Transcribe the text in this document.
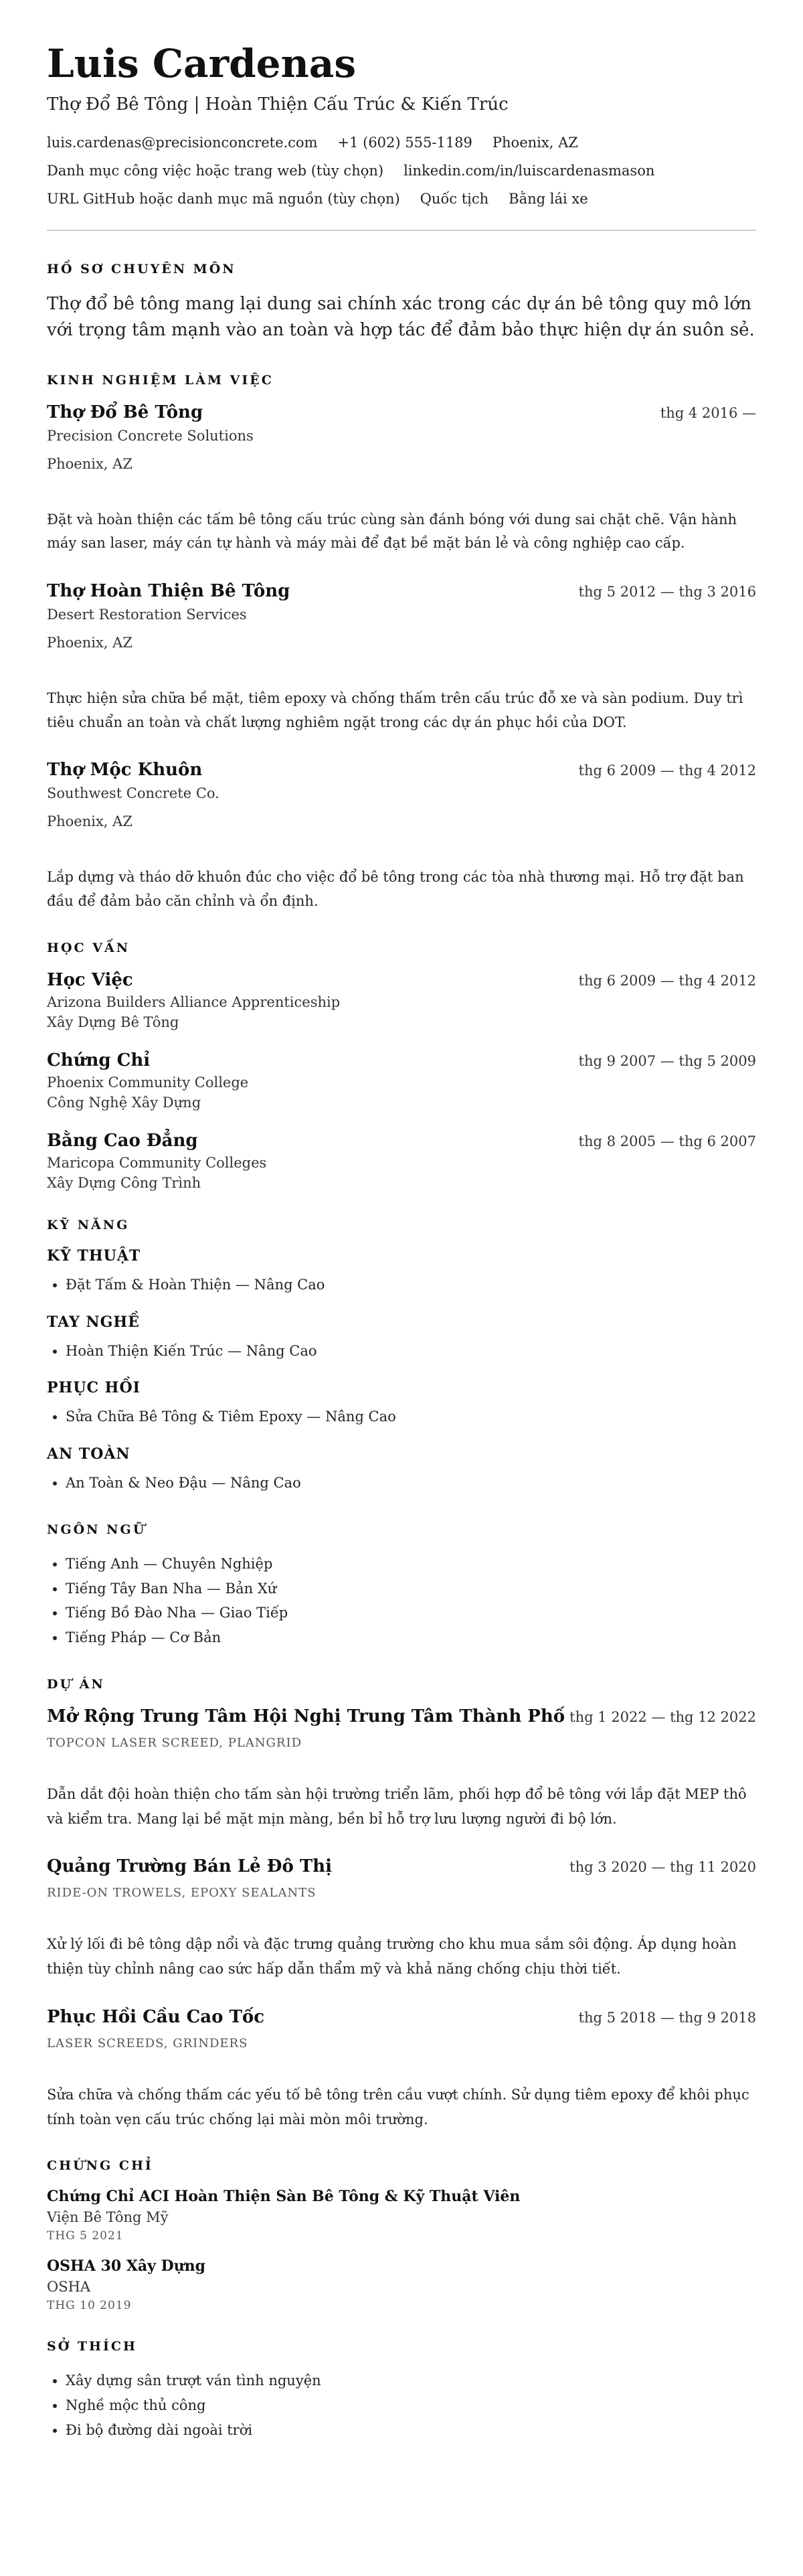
Luis Cardenas
Thợ Đổ Bê Tông | Hoàn Thiện Cấu Trúc & Kiến Trúc
luis.cardenas@precisionconcrete.com +1 (602) 555-1189 Phoenix, AZ
Danh mục công việc hoặc trang web (tùy chọn) linkedin.com/in/luiscardenasmason
URL GitHub hoặc danh mục mã nguồn (tùy chọn) Quốc tịch Bằng lái xe
HỒ SƠ CHUYÊN MÔN

Thợ đổ bê tông mang lại dung sai chính xác trong các dự án bê tông quy mô lớn với trọng tâm mạnh vào an toàn và hợp tác để đảm bảo thực hiện dự án suôn sẻ.

KINH NGHIỆM LÀM VIỆC
Thợ Đổ Bê Tông	thg 4 2016 —
Precision Concrete Solutions
Phoenix, AZ
Đặt và hoàn thiện các tấm bê tông cấu trúc cùng sàn đánh bóng với dung sai chặt chẽ. Vận hành máy san laser, máy cán tự hành và máy mài để đạt bề mặt bán lẻ và công nghiệp cao cấp.
Thợ Hoàn Thiện Bê Tông	thg 5 2012 — thg 3 2016
Desert Restoration Services
Phoenix, AZ
Thực hiện sửa chữa bề mặt, tiêm epoxy và chống thấm trên cấu trúc đỗ xe và sàn podium. Duy trì tiêu chuẩn an toàn và chất lượng nghiêm ngặt trong các dự án phục hồi của DOT.
Thợ Mộc Khuôn	thg 6 2009 — thg 4 2012
Southwest Concrete Co.
Phoenix, AZ
Lắp dựng và tháo dỡ khuôn đúc cho việc đổ bê tông trong các tòa nhà thương mại. Hỗ trợ đặt ban đầu để đảm bảo căn chỉnh và ổn định.
HỌC VẤN
Học Việc	thg 6 2009 — thg 4 2012
Arizona Builders Alliance Apprenticeship
Xây Dựng Bê Tông
Chứng Chỉ	thg 9 2007 — thg 5 2009
Phoenix Community College
Công Nghệ Xây Dựng
Bằng Cao Đẳng	thg 8 2005 — thg 6 2007
Maricopa Community Colleges
Xây Dựng Công Trình
KỸ NĂNG
KỸ THUẬT
• Đặt Tấm & Hoàn Thiện — Nâng Cao
TAY NGHỀ
• Hoàn Thiện Kiến Trúc — Nâng Cao
PHỤC HỒI
• Sửa Chữa Bê Tông & Tiêm Epoxy — Nâng Cao
AN TOÀN
• An Toàn & Neo Đậu — Nâng Cao
NGÔN NGỮ
• Tiếng Anh — Chuyên Nghiệp
• Tiếng Tây Ban Nha — Bản Xứ
• Tiếng Bồ Đào Nha — Giao Tiếp
• Tiếng Pháp — Cơ Bản
DỰ ÁN
Mở Rộng Trung Tâm Hội Nghị Trung Tâm Thành Phố thg 1 2022 — thg 12 2022
TOPCON LASER SCREED, PLANGRID
Dẫn dắt đội hoàn thiện cho tấm sàn hội trường triển lãm, phối hợp đổ bê tông với lắp đặt MEP thô và kiểm tra. Mang lại bề mặt mịn màng, bền bỉ hỗ trợ lưu lượng người đi bộ lớn.
Quảng Trường Bán Lẻ Đô Thị	thg 3 2020 — thg 11 2020
RIDE-ON TROWELS, EPOXY SEALANTS
Xử lý lối đi bê tông dập nổi và đặc trưng quảng trường cho khu mua sắm sôi động. Áp dụng hoàn thiện tùy chỉnh nâng cao sức hấp dẫn thẩm mỹ và khả năng chống chịu thời tiết.
Phục Hồi Cầu Cao Tốc	thg 5 2018 — thg 9 2018
LASER SCREEDS, GRINDERS
Sửa chữa và chống thấm các yếu tố bê tông trên cầu vượt chính. Sử dụng tiêm epoxy để khôi phục tính toàn vẹn cấu trúc chống lại mài mòn môi trường.
CHỨNG CHỈ
Chứng Chỉ ACI Hoàn Thiện Sàn Bê Tông & Kỹ Thuật Viên
Viện Bê Tông Mỹ
THG 5 2021
OSHA 30 Xây Dựng
OSHA
THG 10 2019
SỞ THÍCH
• Xây dựng sân trượt ván tình nguyện
• Nghề mộc thủ công
• Đi bộ đường dài ngoài trời
